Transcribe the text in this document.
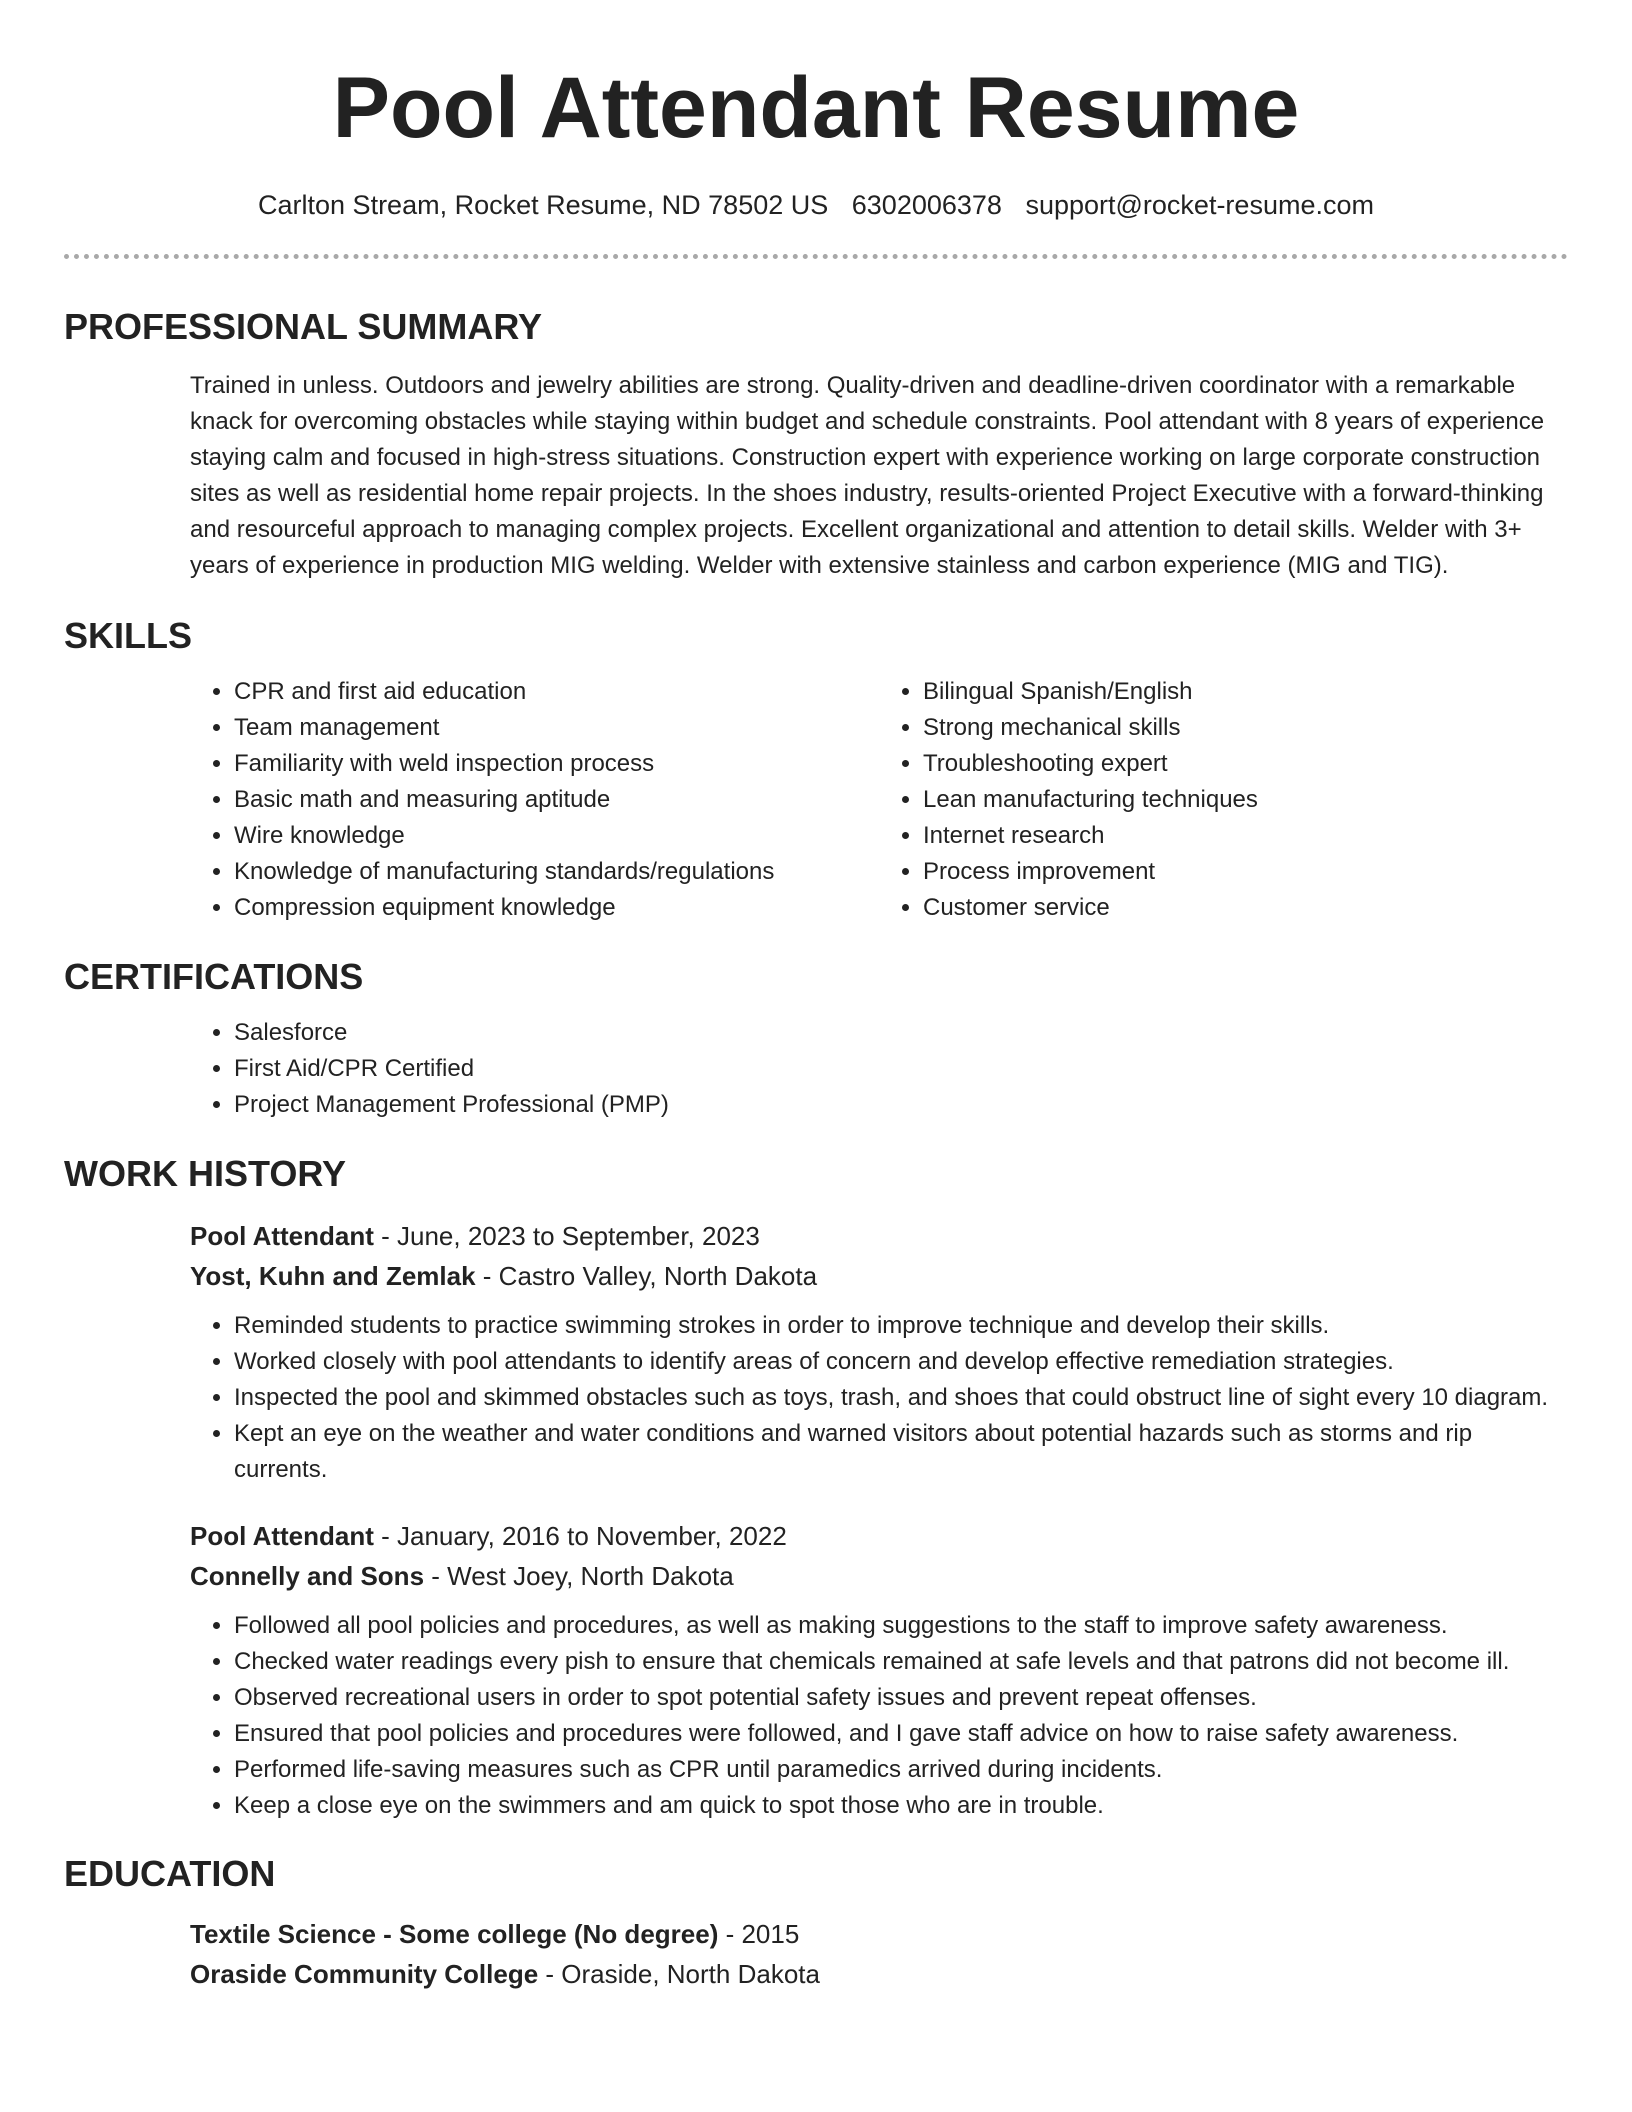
Pool Attendant Resume
Carlton Stream, Rocket Resume, ND 78502 US 6302006378 support@rocket-resume.com
PROFESSIONAL SUMMARY

Trained in unless. Outdoors and jewelry abilities are strong. Quality-driven and deadline-driven coordinator with a remarkable knack for overcoming obstacles while staying within budget and schedule constraints. Pool attendant with 8 years of experience staying calm and focused in high-stress situations. Construction expert with experience working on large corporate construction sites as well as residential home repair projects. In the shoes industry, results-oriented Project Executive with a forward-thinking and resourceful approach to managing complex projects. Excellent organizational and attention to detail skills. Welder with 3+ years of experience in production MIG welding. Welder with extensive stainless and carbon experience (MIG and TIG).

SKILLS
• CPR and first aid education
• Team management
• Familiarity with weld inspection process
• Basic math and measuring aptitude
• Wire knowledge
• Knowledge of manufacturing standards/regulations
• Compression equipment knowledge
• Bilingual Spanish/English
• Strong mechanical skills
• Troubleshooting expert
• Lean manufacturing techniques
• Internet research
• Process improvement
• Customer service
CERTIFICATIONS
• Salesforce
• First Aid/CPR Certified
• Project Management Professional (PMP)
WORK HISTORY
Pool Attendant - June, 2023 to September, 2023
Yost, Kuhn and Zemlak - Castro Valley, North Dakota
• Reminded students to practice swimming strokes in order to improve technique and develop their skills.
• Worked closely with pool attendants to identify areas of concern and develop effective remediation strategies.
• Inspected the pool and skimmed obstacles such as toys, trash, and shoes that could obstruct line of sight every 10 diagram.
• Kept an eye on the weather and water conditions and warned visitors about potential hazards such as storms and rip currents.
Pool Attendant - January, 2016 to November, 2022
Connelly and Sons - West Joey, North Dakota
• Followed all pool policies and procedures, as well as making suggestions to the staff to improve safety awareness.
• Checked water readings every pish to ensure that chemicals remained at safe levels and that patrons did not become ill.
• Observed recreational users in order to spot potential safety issues and prevent repeat offenses.
• Ensured that pool policies and procedures were followed, and I gave staff advice on how to raise safety awareness.
• Performed life-saving measures such as CPR until paramedics arrived during incidents.
• Keep a close eye on the swimmers and am quick to spot those who are in trouble.
EDUCATION
Textile Science - Some college (No degree) - 2015
Oraside Community College - Oraside, North Dakota
